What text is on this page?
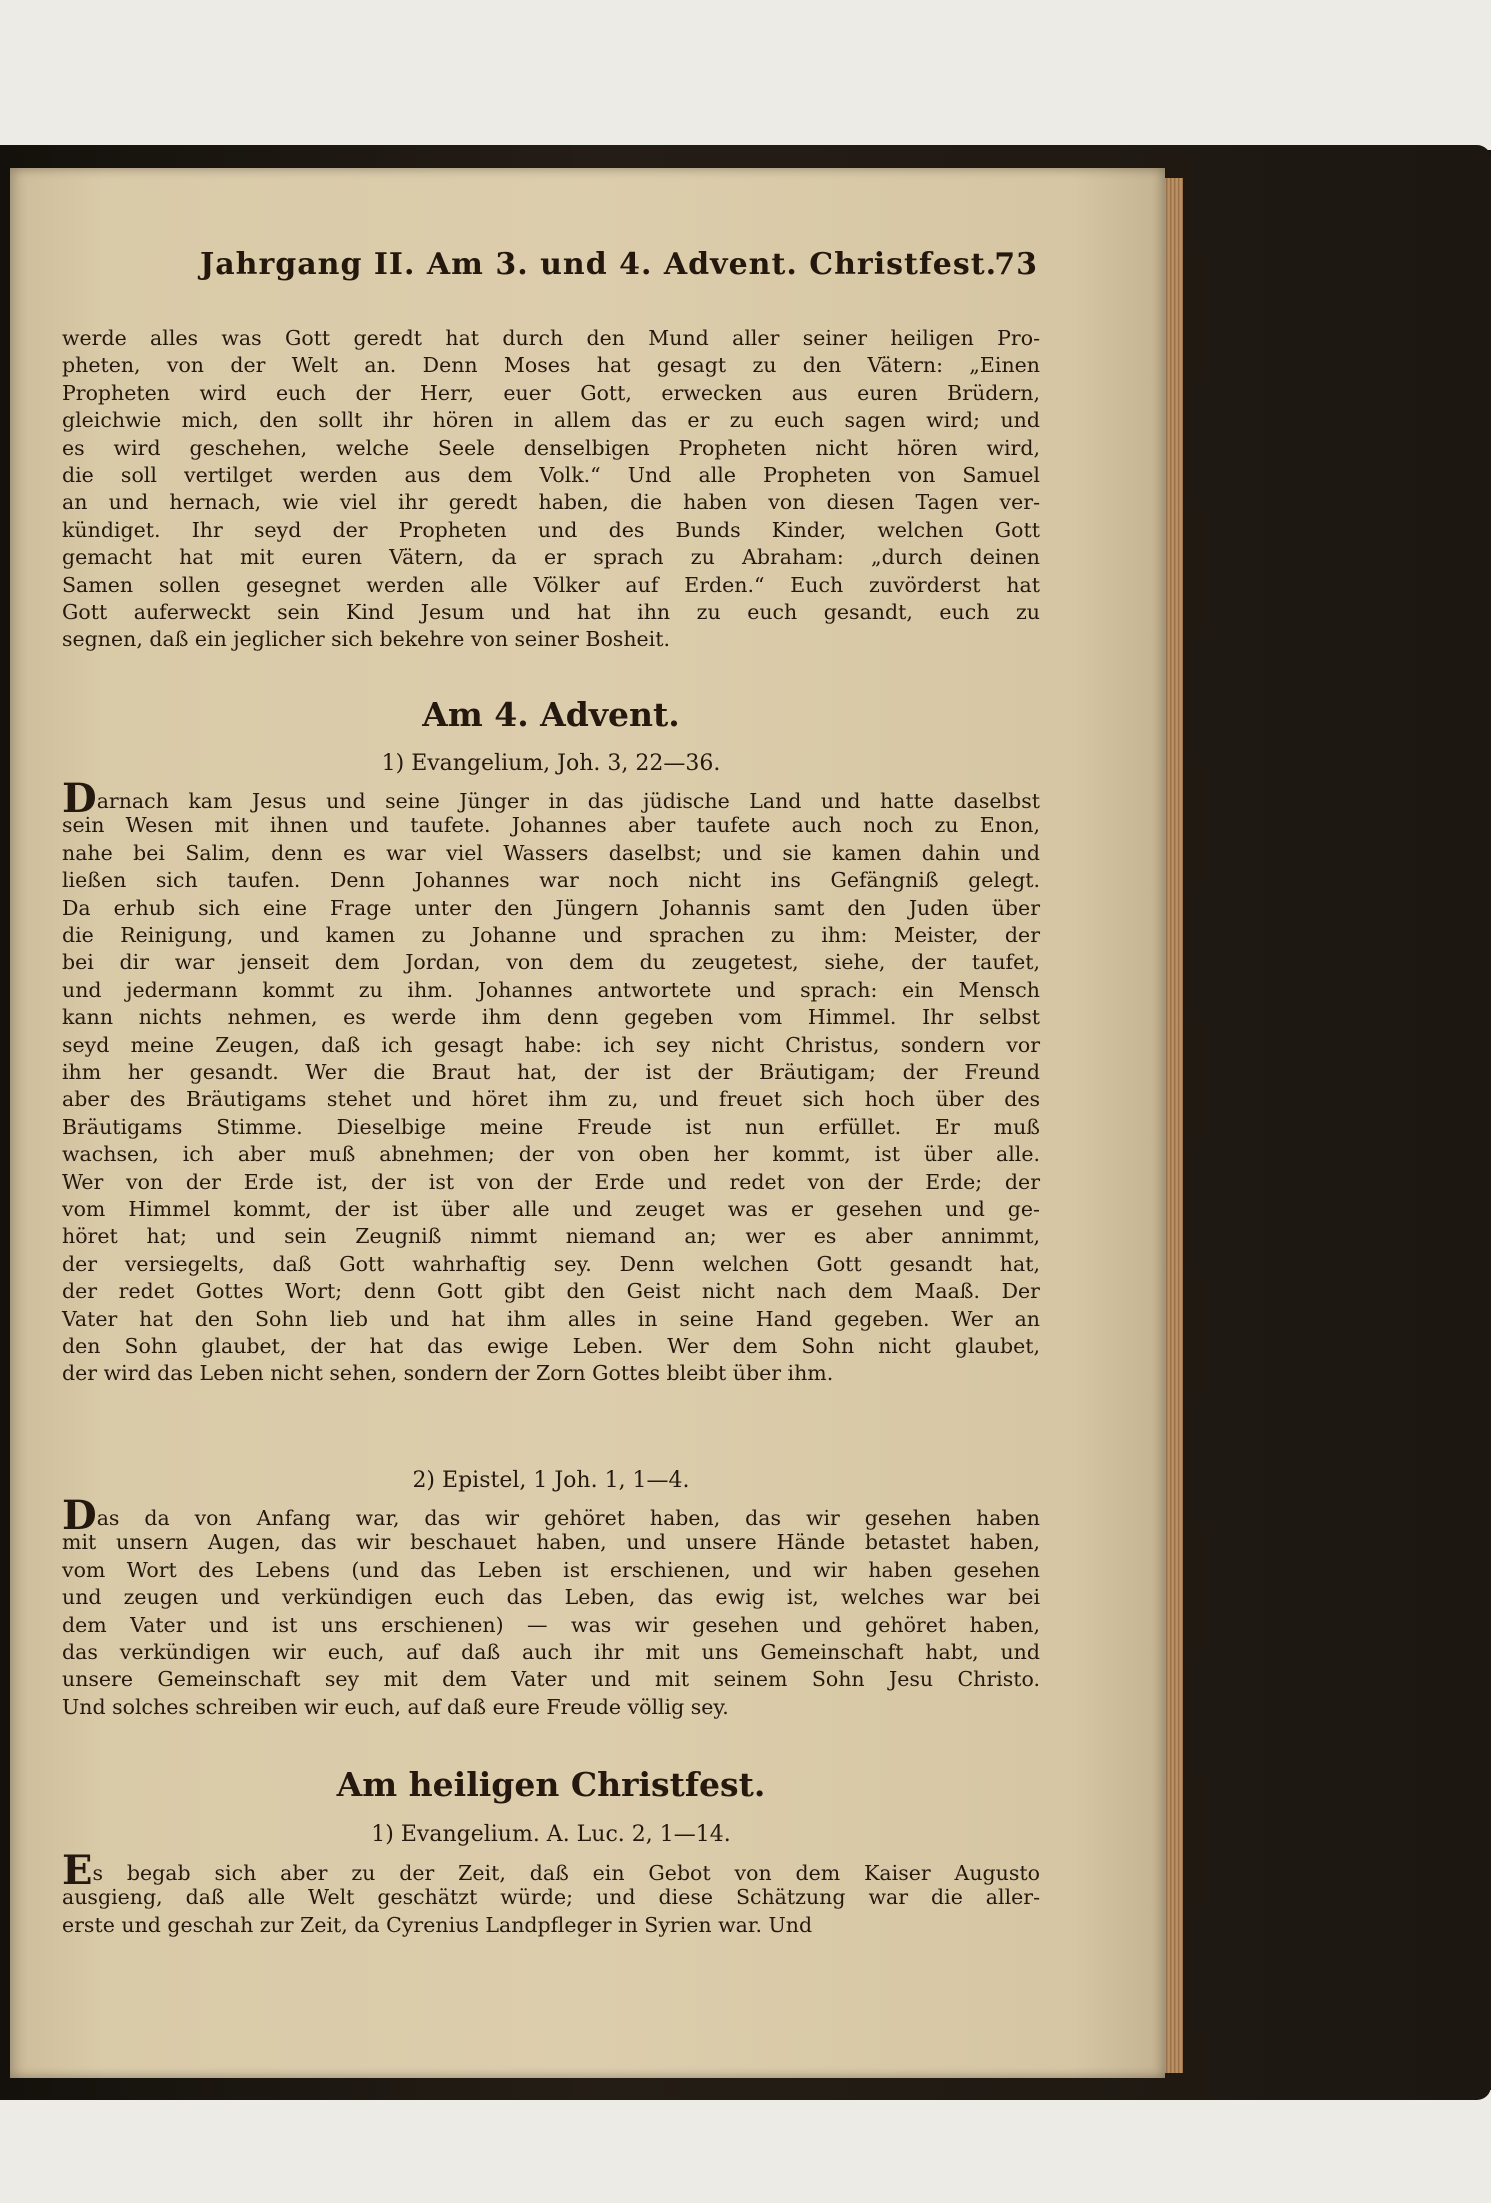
Jahrgang II. Am 3. und 4. Advent. Christfest.
73
werde alles was Gott geredt hat durch den Mund aller seiner heiligen Pro-
pheten, von der Welt an. Denn Moses hat gesagt zu den Vätern: „Einen
Propheten wird euch der Herr, euer Gott, erwecken aus euren Brüdern,
gleichwie mich, den sollt ihr hören in allem das er zu euch sagen wird; und
es wird geschehen, welche Seele denselbigen Propheten nicht hören wird,
die soll vertilget werden aus dem Volk.“ Und alle Propheten von Samuel
an und hernach, wie viel ihr geredt haben, die haben von diesen Tagen ver-
kündiget. Ihr seyd der Propheten und des Bunds Kinder, welchen Gott
gemacht hat mit euren Vätern, da er sprach zu Abraham: „durch deinen
Samen sollen gesegnet werden alle Völker auf Erden.“ Euch zuvörderst hat
Gott auferweckt sein Kind Jesum und hat ihn zu euch gesandt, euch zu
segnen, daß ein jeglicher sich bekehre von seiner Bosheit.
Am 4. Advent.
1) Evangelium, Joh. 3, 22—36.
Darnach kam Jesus und seine Jünger in das jüdische Land und hatte daselbst
sein Wesen mit ihnen und taufete. Johannes aber taufete auch noch zu Enon,
nahe bei Salim, denn es war viel Wassers daselbst; und sie kamen dahin und
ließen sich taufen. Denn Johannes war noch nicht ins Gefängniß gelegt.
Da erhub sich eine Frage unter den Jüngern Johannis samt den Juden über
die Reinigung, und kamen zu Johanne und sprachen zu ihm: Meister, der
bei dir war jenseit dem Jordan, von dem du zeugetest, siehe, der taufet,
und jedermann kommt zu ihm. Johannes antwortete und sprach: ein Mensch
kann nichts nehmen, es werde ihm denn gegeben vom Himmel. Ihr selbst
seyd meine Zeugen, daß ich gesagt habe: ich sey nicht Christus, sondern vor
ihm her gesandt. Wer die Braut hat, der ist der Bräutigam; der Freund
aber des Bräutigams stehet und höret ihm zu, und freuet sich hoch über des
Bräutigams Stimme. Dieselbige meine Freude ist nun erfüllet. Er muß
wachsen, ich aber muß abnehmen; der von oben her kommt, ist über alle.
Wer von der Erde ist, der ist von der Erde und redet von der Erde; der
vom Himmel kommt, der ist über alle und zeuget was er gesehen und ge-
höret hat; und sein Zeugniß nimmt niemand an; wer es aber annimmt,
der versiegelts, daß Gott wahrhaftig sey. Denn welchen Gott gesandt hat,
der redet Gottes Wort; denn Gott gibt den Geist nicht nach dem Maaß. Der
Vater hat den Sohn lieb und hat ihm alles in seine Hand gegeben. Wer an
den Sohn glaubet, der hat das ewige Leben. Wer dem Sohn nicht glaubet,
der wird das Leben nicht sehen, sondern der Zorn Gottes bleibt über ihm.
2) Epistel, 1 Joh. 1, 1—4.
Das da von Anfang war, das wir gehöret haben, das wir gesehen haben
mit unsern Augen, das wir beschauet haben, und unsere Hände betastet haben,
vom Wort des Lebens (und das Leben ist erschienen, und wir haben gesehen
und zeugen und verkündigen euch das Leben, das ewig ist, welches war bei
dem Vater und ist uns erschienen) — was wir gesehen und gehöret haben,
das verkündigen wir euch, auf daß auch ihr mit uns Gemeinschaft habt, und
unsere Gemeinschaft sey mit dem Vater und mit seinem Sohn Jesu Christo.
Und solches schreiben wir euch, auf daß eure Freude völlig sey.
Am heiligen Christfest.
1) Evangelium. A. Luc. 2, 1—14.
Es begab sich aber zu der Zeit, daß ein Gebot von dem Kaiser Augusto
ausgieng, daß alle Welt geschätzt würde; und diese Schätzung war die aller-
erste und geschah zur Zeit, da Cyrenius Landpfleger in Syrien war. Und
